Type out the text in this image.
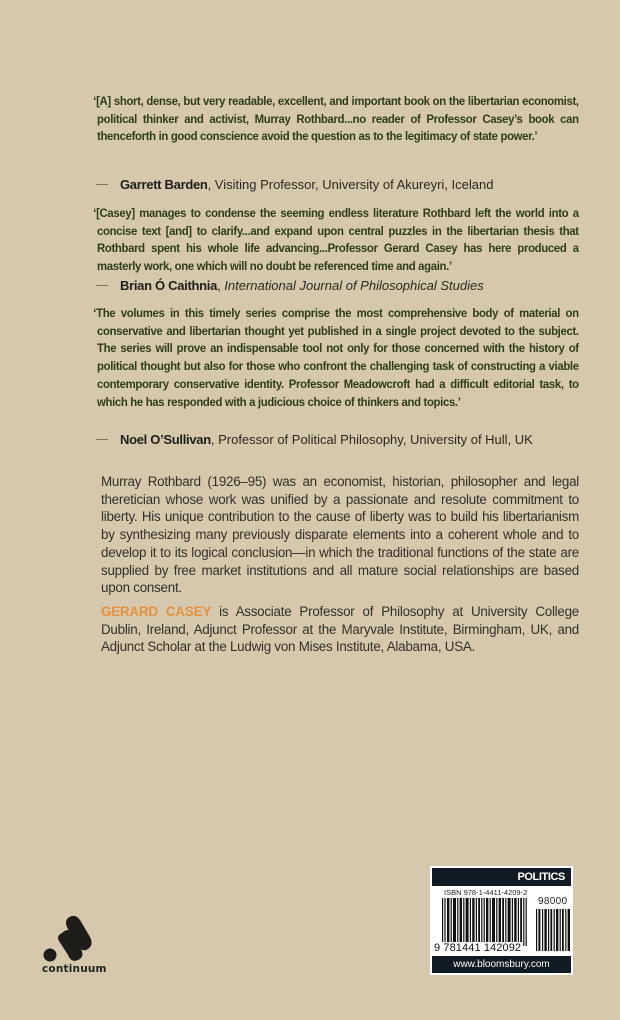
‘[A] short, dense, but very readable, excellent, and important book on the libertarian economist, political thinker and activist, Murray Rothbard...no reader of Professor Casey’s book can thenceforth in good conscience avoid the question as to the legitimacy of state power.’

Garrett Barden, Visiting Professor, University of Akureyri, Iceland

‘[Casey] manages to condense the seeming endless literature Rothbard left the world into a concise text [and] to clarify...and expand upon central puzzles in the libertarian thesis that Rothbard spent his whole life advancing...Professor Gerard Casey has here produced a masterly work, one which will no doubt be referenced time and again.’

Brian Ó Caithnia, International Journal of Philosophical Studies

‘The volumes in this timely series comprise the most comprehensive body of material on conservative and libertarian thought yet published in a single project devoted to the subject. The series will prove an indispensable tool not only for those concerned with the history of political thought but also for those who confront the challenging task of constructing a viable contemporary conservative identity. Professor Meadowcroft had a difficult editorial task, to which he has responded with a judicious choice of thinkers and topics.’

Noel O’Sullivan, Professor of Political Philosophy, University of Hull, UK

Murray Rothbard (1926–95) was an economist, historian, philosopher and legal theretician whose work was unified by a passionate and resolute commitment to liberty. His unique contribution to the cause of liberty was to build his libertarianism by synthesizing many previously disparate elements into a coherent whole and to develop it to its logical conclusion—in which the traditional functions of the state are supplied by free market institutions and all mature social relationships are based upon consent.

GERARD CASEY is Associate Professor of Philosophy at University College Dublin, Ireland, Adjunct Professor at the Maryvale Institute, Birmingham, UK, and Adjunct Scholar at the Ludwig von Mises Institute, Alabama, USA.

continuum
POLITICS
ISBN 978-1-4411-4209-2
98000
9 781441 142092
www.bloomsbury.com
